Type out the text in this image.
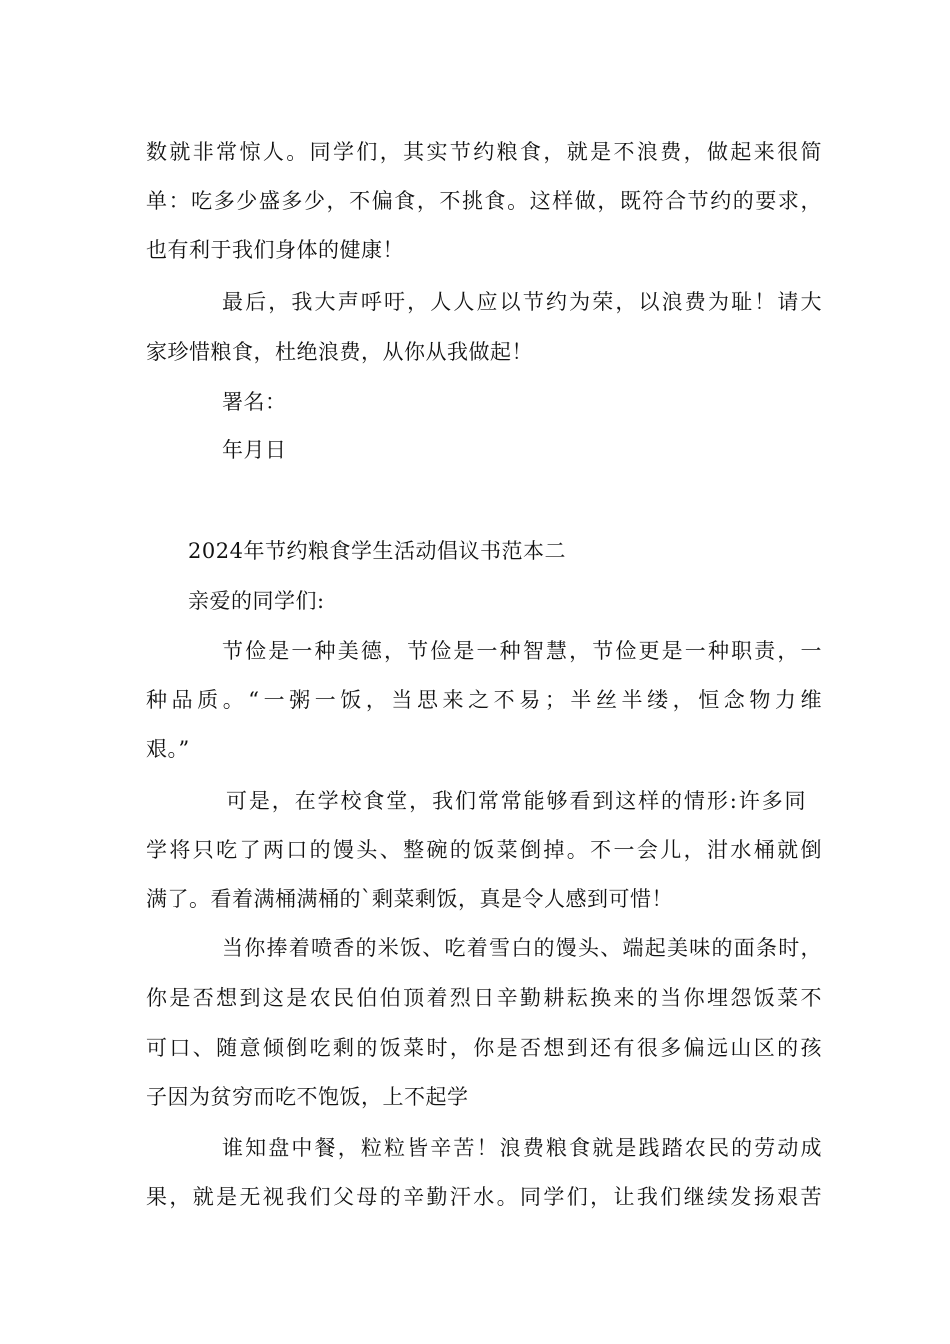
数就非常惊人。同学们，其实节约粮食，就是不浪费，做起来很简
单：吃多少盛多少，不偏食，不挑食。这样做，既符合节约的要求，
也有利于我们身体的健康！
最后，我大声呼吁，人人应以节约为荣，以浪费为耻！请大
家珍惜粮食，杜绝浪费，从你从我做起！
署名：
年月日
2024年节约粮食学生活动倡议书范本二
亲爱的同学们:
节俭是一种美德，节俭是一种智慧，节俭更是一种职责，一
种品质。“一粥一饭，当思来之不易；半丝半缕，恒念物力维
艰。”
可是，在学校食堂，我们常常能够看到这样的情形:许多同
学将只吃了两口的馒头、整碗的饭菜倒掉。不一会儿，泔水桶就倒
满了。看着满桶满桶的`剩菜剩饭，真是令人感到可惜！
当你捧着喷香的米饭、吃着雪白的馒头、端起美味的面条时，
你是否想到这是农民伯伯顶着烈日辛勤耕耘换来的当你埋怨饭菜不
可口、随意倾倒吃剩的饭菜时，你是否想到还有很多偏远山区的孩
子因为贫穷而吃不饱饭，上不起学
谁知盘中餐，粒粒皆辛苦！浪费粮食就是践踏农民的劳动成
果，就是无视我们父母的辛勤汗水。同学们，让我们继续发扬艰苦
